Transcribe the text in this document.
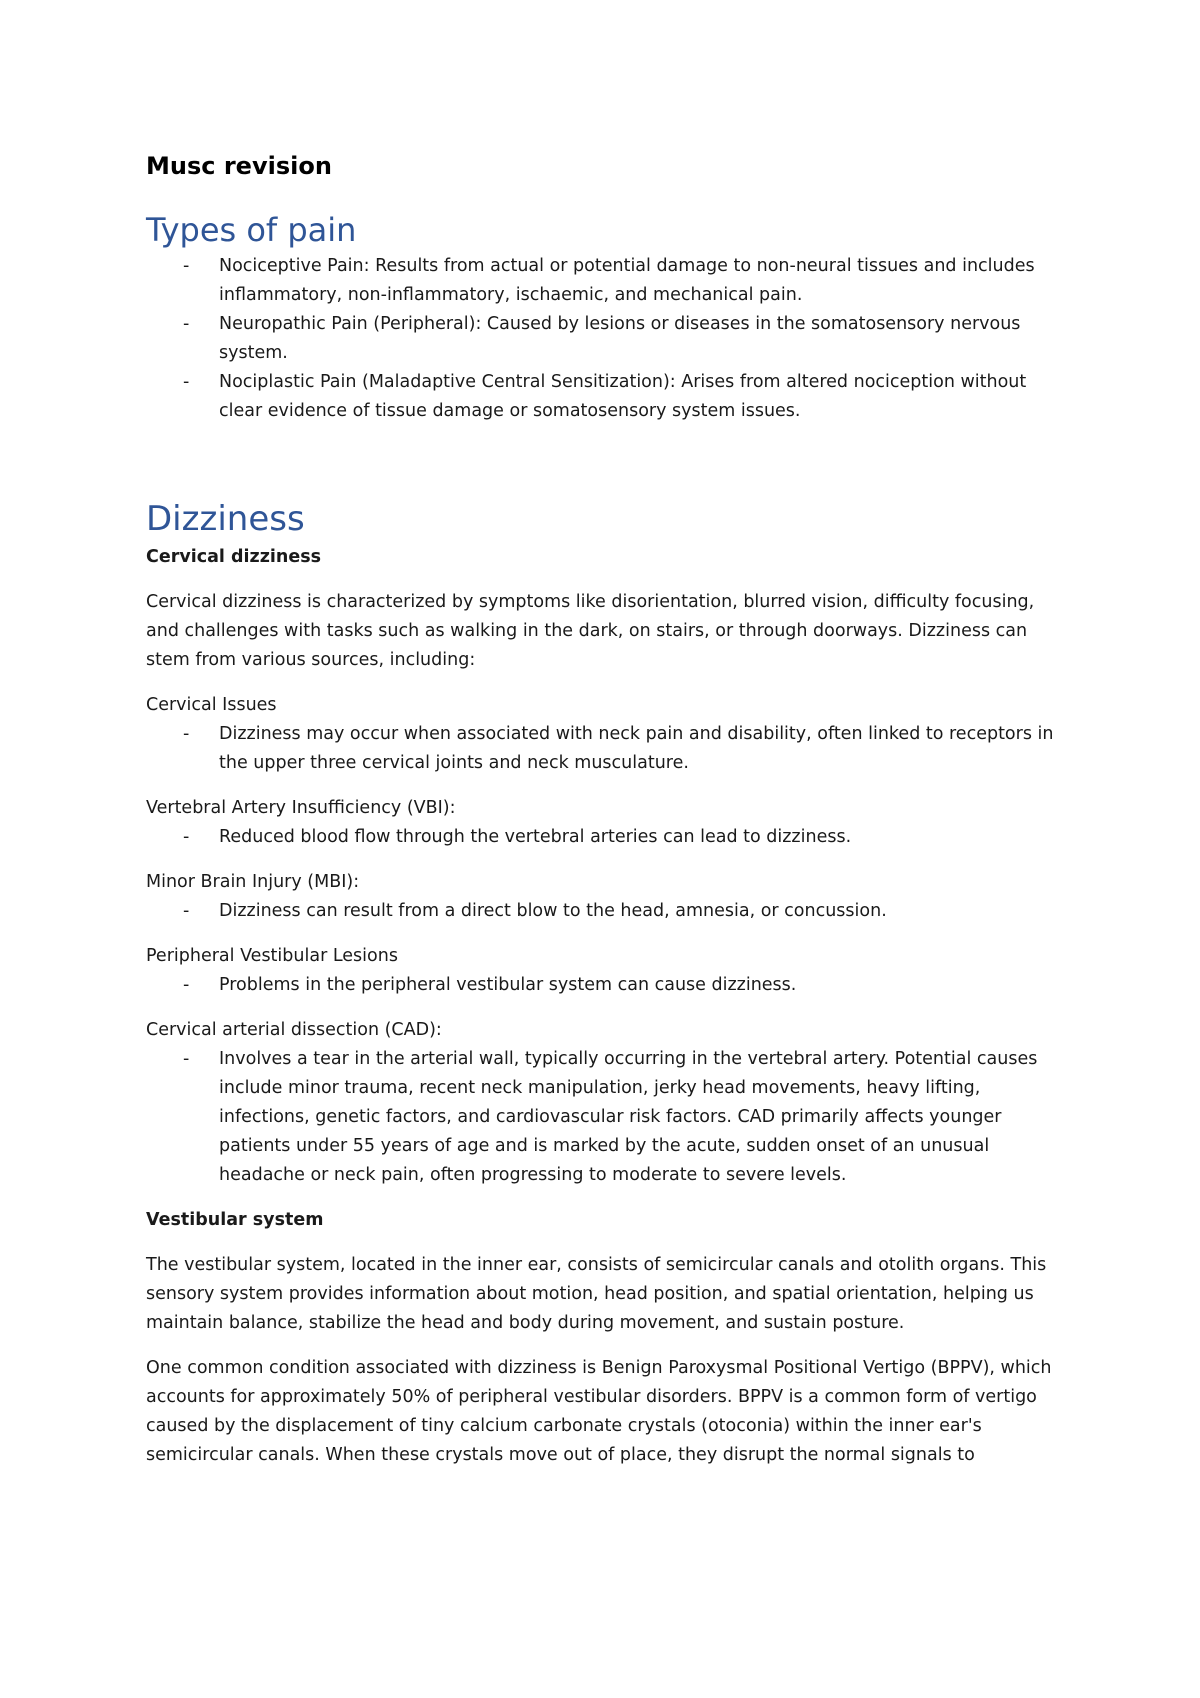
Musc revision
Types of pain
-	Nociceptive Pain: Results from actual or potential damage to non-neural tissues and includes inflammatory, non-inflammatory, ischaemic, and mechanical pain.
-	Neuropathic Pain (Peripheral): Caused by lesions or diseases in the somatosensory nervous system.
-	Nociplastic Pain (Maladaptive Central Sensitization): Arises from altered nociception without clear evidence of tissue damage or somatosensory system issues.
Dizziness

Cervical dizziness

Cervical dizziness is characterized by symptoms like disorientation, blurred vision, difficulty focusing, and challenges with tasks such as walking in the dark, on stairs, or through doorways. Dizziness can stem from various sources, including:

Cervical Issues

-	Dizziness may occur when associated with neck pain and disability, often linked to receptors in the upper three cervical joints and neck musculature.

Vertebral Artery Insufficiency (VBI):

-	Reduced blood flow through the vertebral arteries can lead to dizziness.

Minor Brain Injury (MBI):

-	Dizziness can result from a direct blow to the head, amnesia, or concussion.

Peripheral Vestibular Lesions

-	Problems in the peripheral vestibular system can cause dizziness.

Cervical arterial dissection (CAD):

-	Involves a tear in the arterial wall, typically occurring in the vertebral artery. Potential causes include minor trauma, recent neck manipulation, jerky head movements, heavy lifting, infections, genetic factors, and cardiovascular risk factors. CAD primarily affects younger patients under 55 years of age and is marked by the acute, sudden onset of an unusual headache or neck pain, often progressing to moderate to severe levels.

Vestibular system

The vestibular system, located in the inner ear, consists of semicircular canals and otolith organs. This sensory system provides information about motion, head position, and spatial orientation, helping us maintain balance, stabilize the head and body during movement, and sustain posture.

One common condition associated with dizziness is Benign Paroxysmal Positional Vertigo (BPPV), which accounts for approximately 50% of peripheral vestibular disorders. BPPV is a common form of vertigo caused by the displacement of tiny calcium carbonate crystals (otoconia) within the inner ear's semicircular canals. When these crystals move out of place, they disrupt the normal signals to
